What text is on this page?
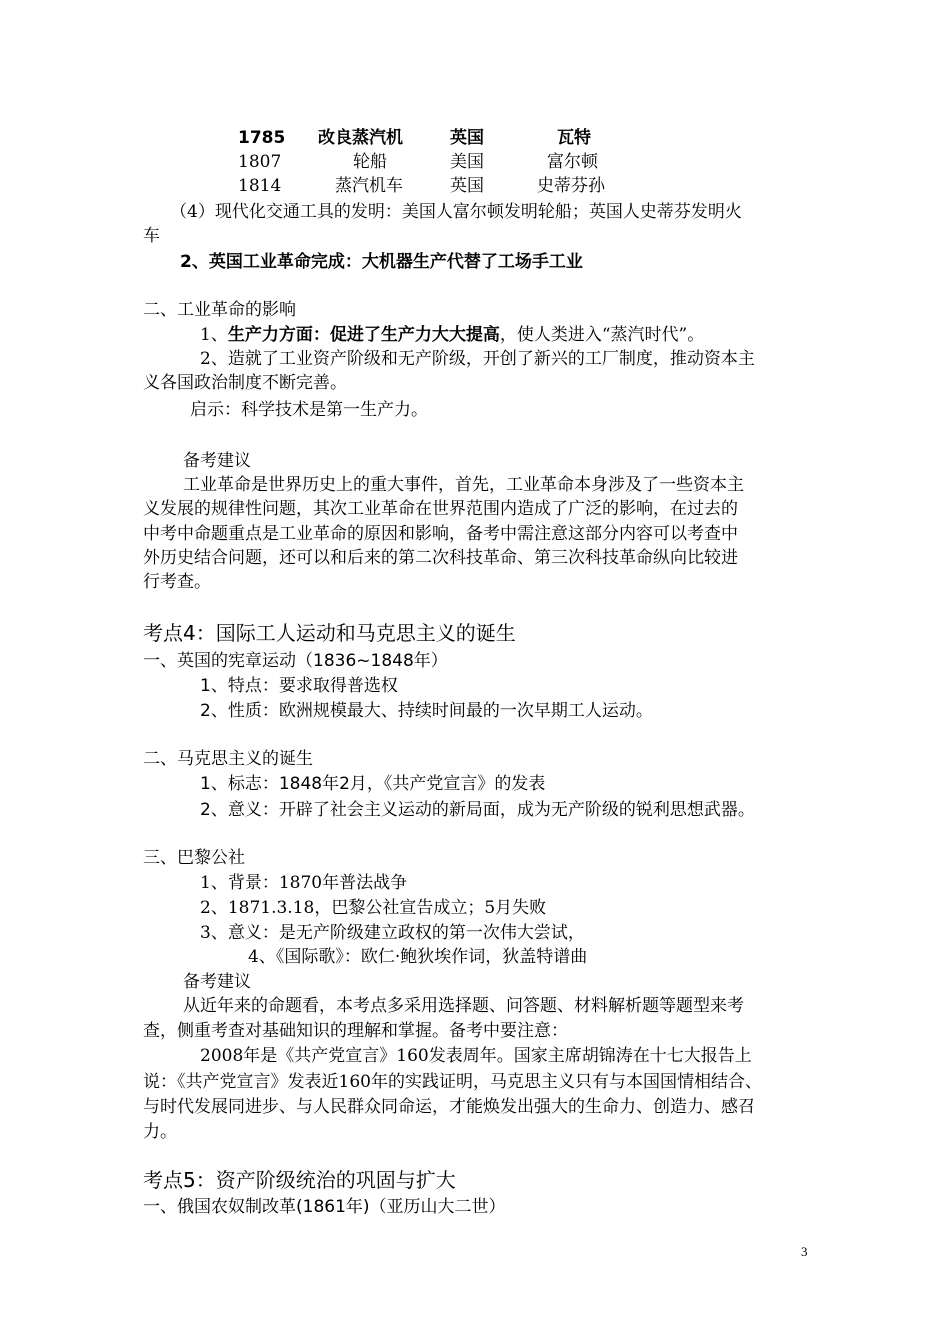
1785 改良蒸汽机	英国	瓦特
1807	轮船	美国	富尔顿
1814	蒸汽机车	英国	史蒂芬孙
（4）现代化交通工具的发明：美国人富尔顿发明轮船；英国人史蒂芬发明火
车
2、英国工业革命完成：大机器生产代替了工场手工业
二、工业革命的影响
1、生产力方面：促进了生产力大大提高，使人类进入“蒸汽时代”。
2、造就了工业资产阶级和无产阶级，开创了新兴的工厂制度，推动资本主
义各国政治制度不断完善。
启示：科学技术是第一生产力。
备考建议
工业革命是世界历史上的重大事件，首先，工业革命本身涉及了一些资本主
义发展的规律性问题，其次工业革命在世界范围内造成了广泛的影响，在过去的
中考中命题重点是工业革命的原因和影响，备考中需注意这部分内容可以考查中
外历史结合问题，还可以和后来的第二次科技革命、第三次科技革命纵向比较进
行考查。
考点4：国际工人运动和马克思主义的诞生
一、英国的宪章运动（1836~1848年）
1、特点：要求取得普选权
2、性质：欧洲规模最大、持续时间最的一次早期工人运动。
二、马克思主义的诞生
1、标志：1848年2月，《共产党宣言》的发表
2、意义：开辟了社会主义运动的新局面，成为无产阶级的锐利思想武器。
三、巴黎公社
1、背景：1870年普法战争
2、1871.3.18，巴黎公社宣告成立；5月失败
3、意义：是无产阶级建立政权的第一次伟大尝试，
4、《国际歌》：欧仁·鲍狄埃作词，狄盖特谱曲
备考建议
从近年来的命题看，本考点多采用选择题、问答题、材料解析题等题型来考
查，侧重考查对基础知识的理解和掌握。备考中要注意：
2008年是《共产党宣言》160发表周年。国家主席胡锦涛在十七大报告上
说：《共产党宣言》发表近160年的实践证明，马克思主义只有与本国国情相结合、
与时代发展同进步、与人民群众同命运，才能焕发出强大的生命力、创造力、感召
力。
考点5：资产阶级统治的巩固与扩大
一、俄国农奴制改革(1861年)（亚历山大二世）
3
